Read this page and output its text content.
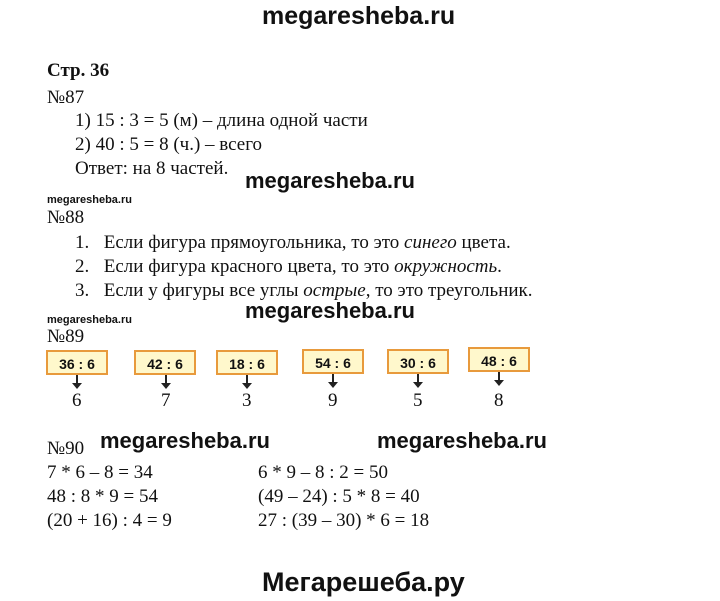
megaresheba.ru
Стр. 36
№87
1) 15 : 3 = 5 (м) – длина одной части
2) 40 : 5 = 8 (ч.) – всего
Ответ: на 8 частей. megaresheba.ru
megaresheba.ru
№88
1. Если фигура прямоугольника, то это синего цвета.
2. Если фигура красного цвета, то это окружность.
3. Если у фигуры все углы острые, то это треугольник.
megaresheba.ru
megaresheba.ru
№89
36 : 6
6
42 : 6
7
18 : 6
3
54 : 6
9
30 : 6
5
48 : 6
8
megaresheba.ru	megaresheba.ru
№90
7 * 6 – 8 = 34
48 : 8 * 9 = 54
(20 + 16) : 4 = 9
6 * 9 – 8 : 2 = 50
(49 – 24) : 5 * 8 = 40
27 : (39 – 30) * 6 = 18
Мегарешеба.ру
